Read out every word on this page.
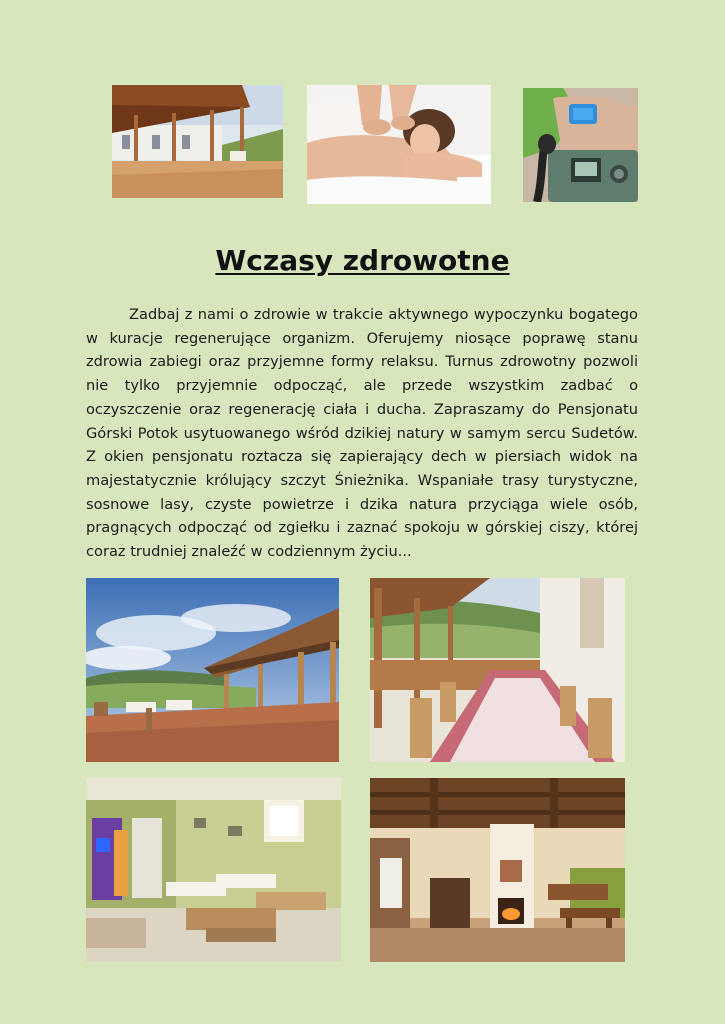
Wczasy zdrowotne

Zadbaj z nami o zdrowie w trakcie aktywnego wypoczynku bogatego w kuracje regenerujące organizm. Oferujemy niosące poprawę stanu zdrowia zabiegi oraz przyjemne formy relaksu. Turnus zdrowotny pozwoli nie tylko przyjemnie odpocząć, ale przede wszystkim zadbać o oczyszczenie oraz regenerację ciała i ducha. Zapraszamy do Pensjonatu Górski Potok usytuowanego wśród dzikiej natury w samym sercu Sudetów. Z okien pensjonatu roztacza się zapierający dech w piersiach widok na majestatycznie królujący szczyt Śnieżnika. Wspaniałe trasy turystyczne, sosnowe lasy, czyste powietrze i dzika natura przyciąga wiele osób, pragnących odpocząć od zgiełku i zaznać spokoju w górskiej ciszy, której coraz trudniej znaleźć w codziennym życiu...
